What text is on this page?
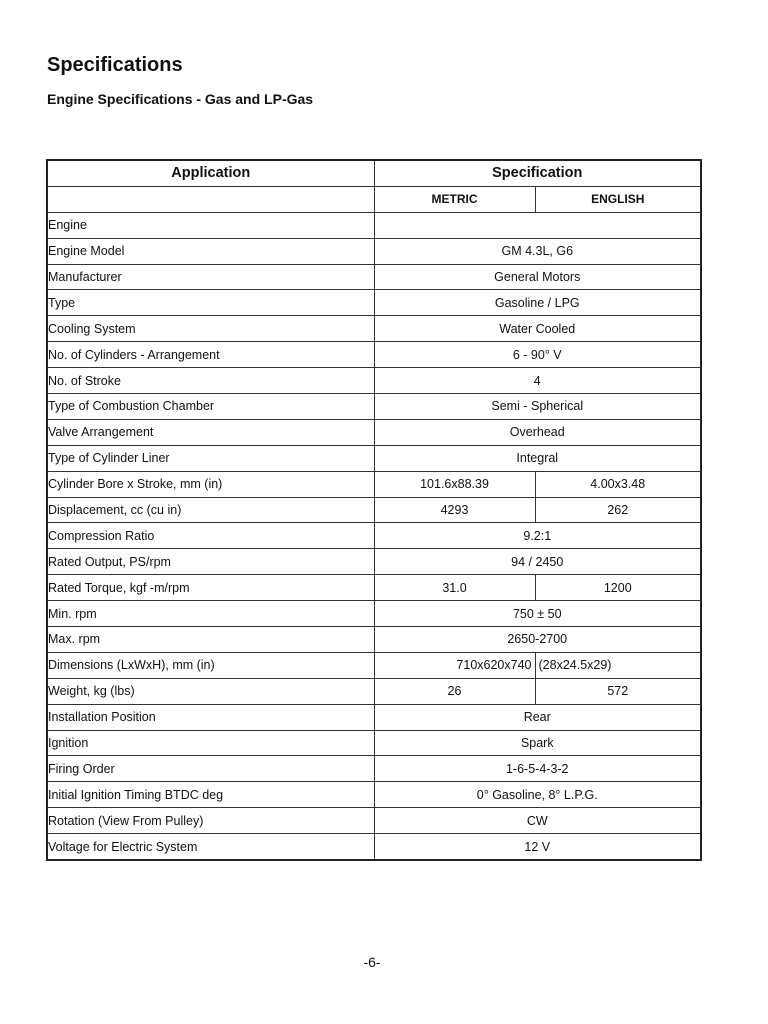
Specifications
Engine Specifications - Gas and LP-Gas
Application	Specification	
	METRIC	ENGLISH
Engine		
Engine Model	GM 4.3L, G6	
Manufacturer	General Motors	
Type	Gasoline / LPG	
Cooling System	Water Cooled	
No. of Cylinders - Arrangement	6 - 90° V	
No. of Stroke	4	
Type of Combustion Chamber	Semi - Spherical	
Valve Arrangement	Overhead	
Type of Cylinder Liner	Integral	
Cylinder Bore x Stroke, mm (in)	101.6x88.39	4.00x3.48
Displacement, cc (cu in)	4293	262
Compression Ratio	9.2:1	
Rated Output, PS/rpm	94 / 2450	
Rated Torque, kgf -m/rpm	31.0	1200
Min. rpm	750 ± 50	
Max. rpm	2650-2700	
Dimensions (LxWxH), mm (in)	710x620x740	(28x24.5x29)
Weight, kg (lbs)	26	572
Installation Position	Rear	
Ignition	Spark	
Firing Order	1-6-5-4-3-2	
Initial Ignition Timing BTDC deg	0° Gasoline, 8° L.P.G.	
Rotation (View From Pulley)	CW	
Voltage for Electric System	12 V	
-6-
